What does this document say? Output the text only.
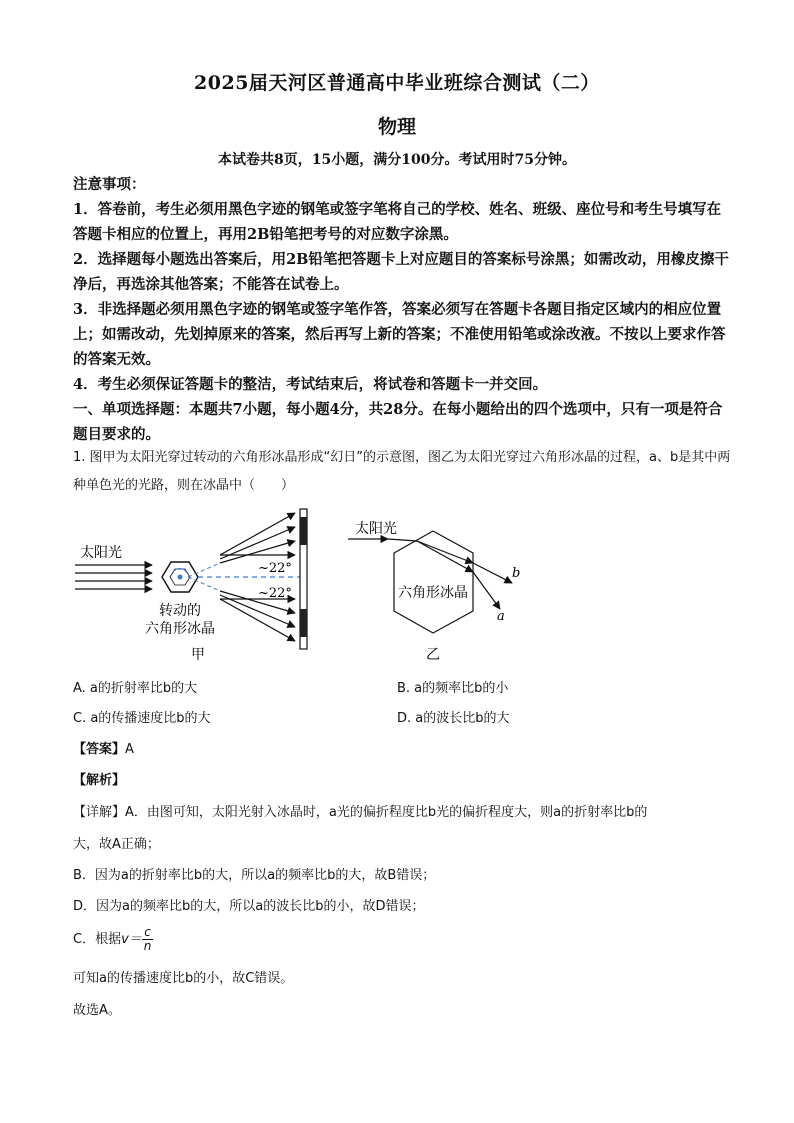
2025届天河区普通高中毕业班综合测试（二）
物理
本试卷共8页，15小题，满分100分。考试用时75分钟。

注意事项：

1．答卷前，考生必须用黑色字迹的钢笔或签字笔将自己的学校、姓名、班级、座位号和考生号填写在答题卡相应的位置上，再用2B铅笔把考号的对应数字涂黑。

2．选择题每小题选出答案后，用2B铅笔把答题卡上对应题目的答案标号涂黑；如需改动，用橡皮擦干净后，再选涂其他答案；不能答在试卷上。

3．非选择题必须用黑色字迹的钢笔或签字笔作答，答案必须写在答题卡各题目指定区域内的相应位置上；如需改动，先划掉原来的答案，然后再写上新的答案；不准使用铅笔或涂改液。不按以上要求作答的答案无效。

4．考生必须保证答题卡的整洁，考试结束后，将试卷和答题卡一并交回。

一、单项选择题：本题共7小题，每小题4分，共28分。在每小题给出的四个选项中，只有一项是符合题目要求的。

1. 图甲为太阳光穿过转动的六角形冰晶形成“幻日”的示意图，图乙为太阳光穿过六角形冰晶的过程，a、b是其中两种单色光的光路，则在冰晶中（　　）

太阳光
~22°
~22°
转动的
六角形冰晶
甲
太阳光
b
a
六角形冰晶
乙
A. a的折射率比b的大	B. a的频率比b的小
C. a的传播速度比b的大	D. a的波长比b的大
【答案】A
【解析】
【详解】A．由图可知，太阳光射入冰晶时，a光的偏折程度比b光的偏折程度大，则a的折射率比b的
大，故A正确；
B．因为a的折射率比b的大，所以a的频率比b的大，故B错误；
D．因为a的频率比b的大，所以a的波长比b的小，故D错误；
C．根据$v= \frac{c}{n}$
可知a的传播速度比b的小，故C错误。
故选A。
